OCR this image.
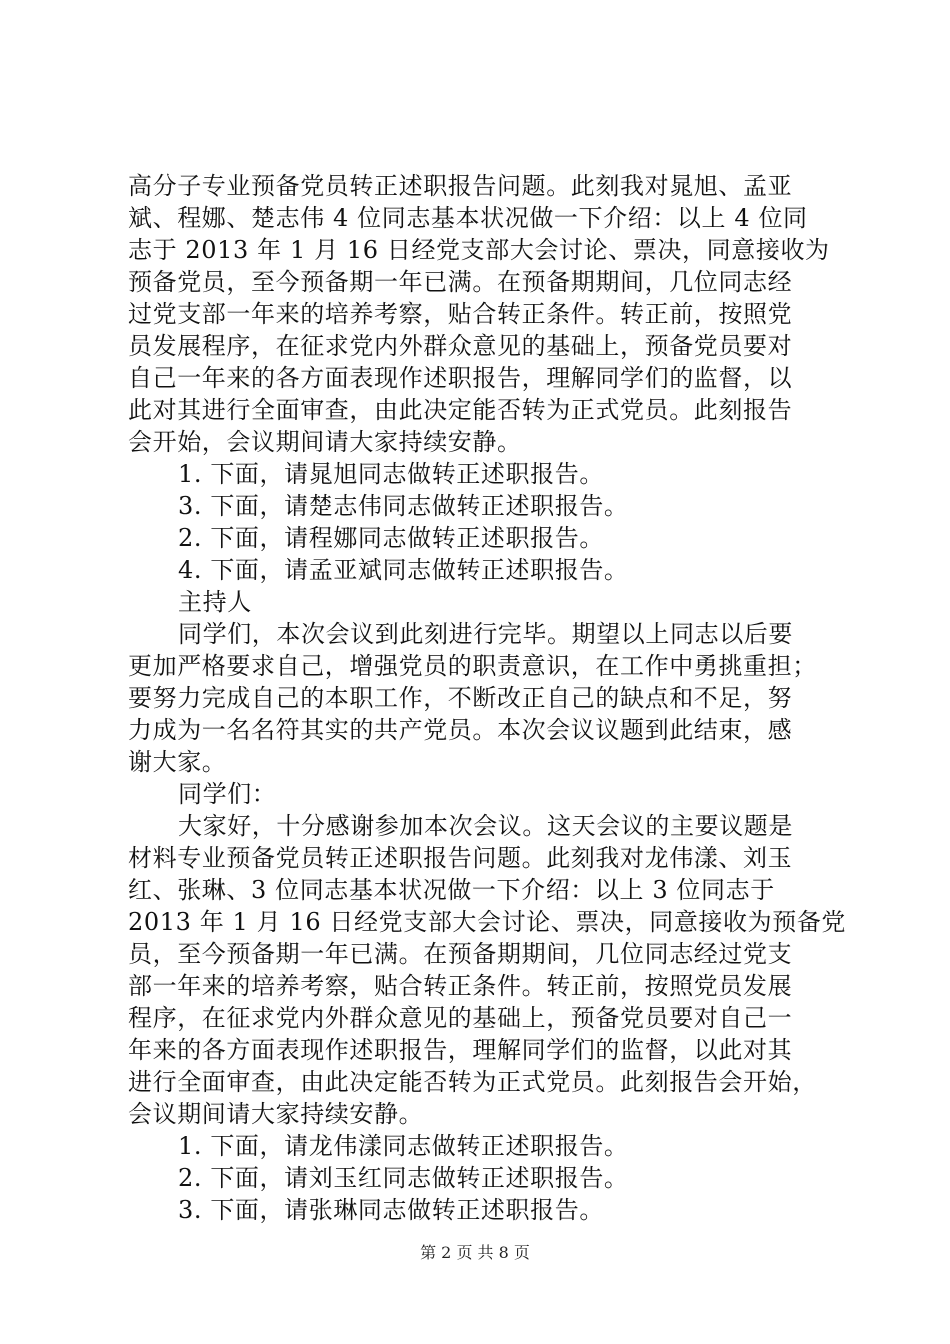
高分子专业预备党员转正述职报告问题。此刻我对晁旭、孟亚
斌、程娜、楚志伟 4 位同志基本状况做一下介绍：以上 4 位同
志于 2013 年 1 月 16 日经党支部大会讨论、票决，同意接收为
预备党员，至今预备期一年已满。在预备期期间，几位同志经
过党支部一年来的培养考察，贴合转正条件。转正前，按照党
员发展程序，在征求党内外群众意见的基础上，预备党员要对
自己一年来的各方面表现作述职报告，理解同学们的监督，以
此对其进行全面审查，由此决定能否转为正式党员。此刻报告
会开始，会议期间请大家持续安静。
1. 下面，请晁旭同志做转正述职报告。
3. 下面，请楚志伟同志做转正述职报告。
2. 下面，请程娜同志做转正述职报告。
4. 下面，请孟亚斌同志做转正述职报告。
主持人
同学们，本次会议到此刻进行完毕。期望以上同志以后要
更加严格要求自己，增强党员的职责意识，在工作中勇挑重担；
要努力完成自己的本职工作，不断改正自己的缺点和不足，努
力成为一名名符其实的共产党员。本次会议议题到此结束，感
谢大家。
同学们：
大家好，十分感谢参加本次会议。这天会议的主要议题是
材料专业预备党员转正述职报告问题。此刻我对龙伟漾、刘玉
红、张琳、3 位同志基本状况做一下介绍：以上 3 位同志于
2013 年 1 月 16 日经党支部大会讨论、票决，同意接收为预备党
员，至今预备期一年已满。在预备期期间，几位同志经过党支
部一年来的培养考察，贴合转正条件。转正前，按照党员发展
程序，在征求党内外群众意见的基础上，预备党员要对自己一
年来的各方面表现作述职报告，理解同学们的监督，以此对其
进行全面审查，由此决定能否转为正式党员。此刻报告会开始，
会议期间请大家持续安静。
1. 下面，请龙伟漾同志做转正述职报告。
2. 下面，请刘玉红同志做转正述职报告。
3. 下面，请张琳同志做转正述职报告。
第 2 页 共 8 页
